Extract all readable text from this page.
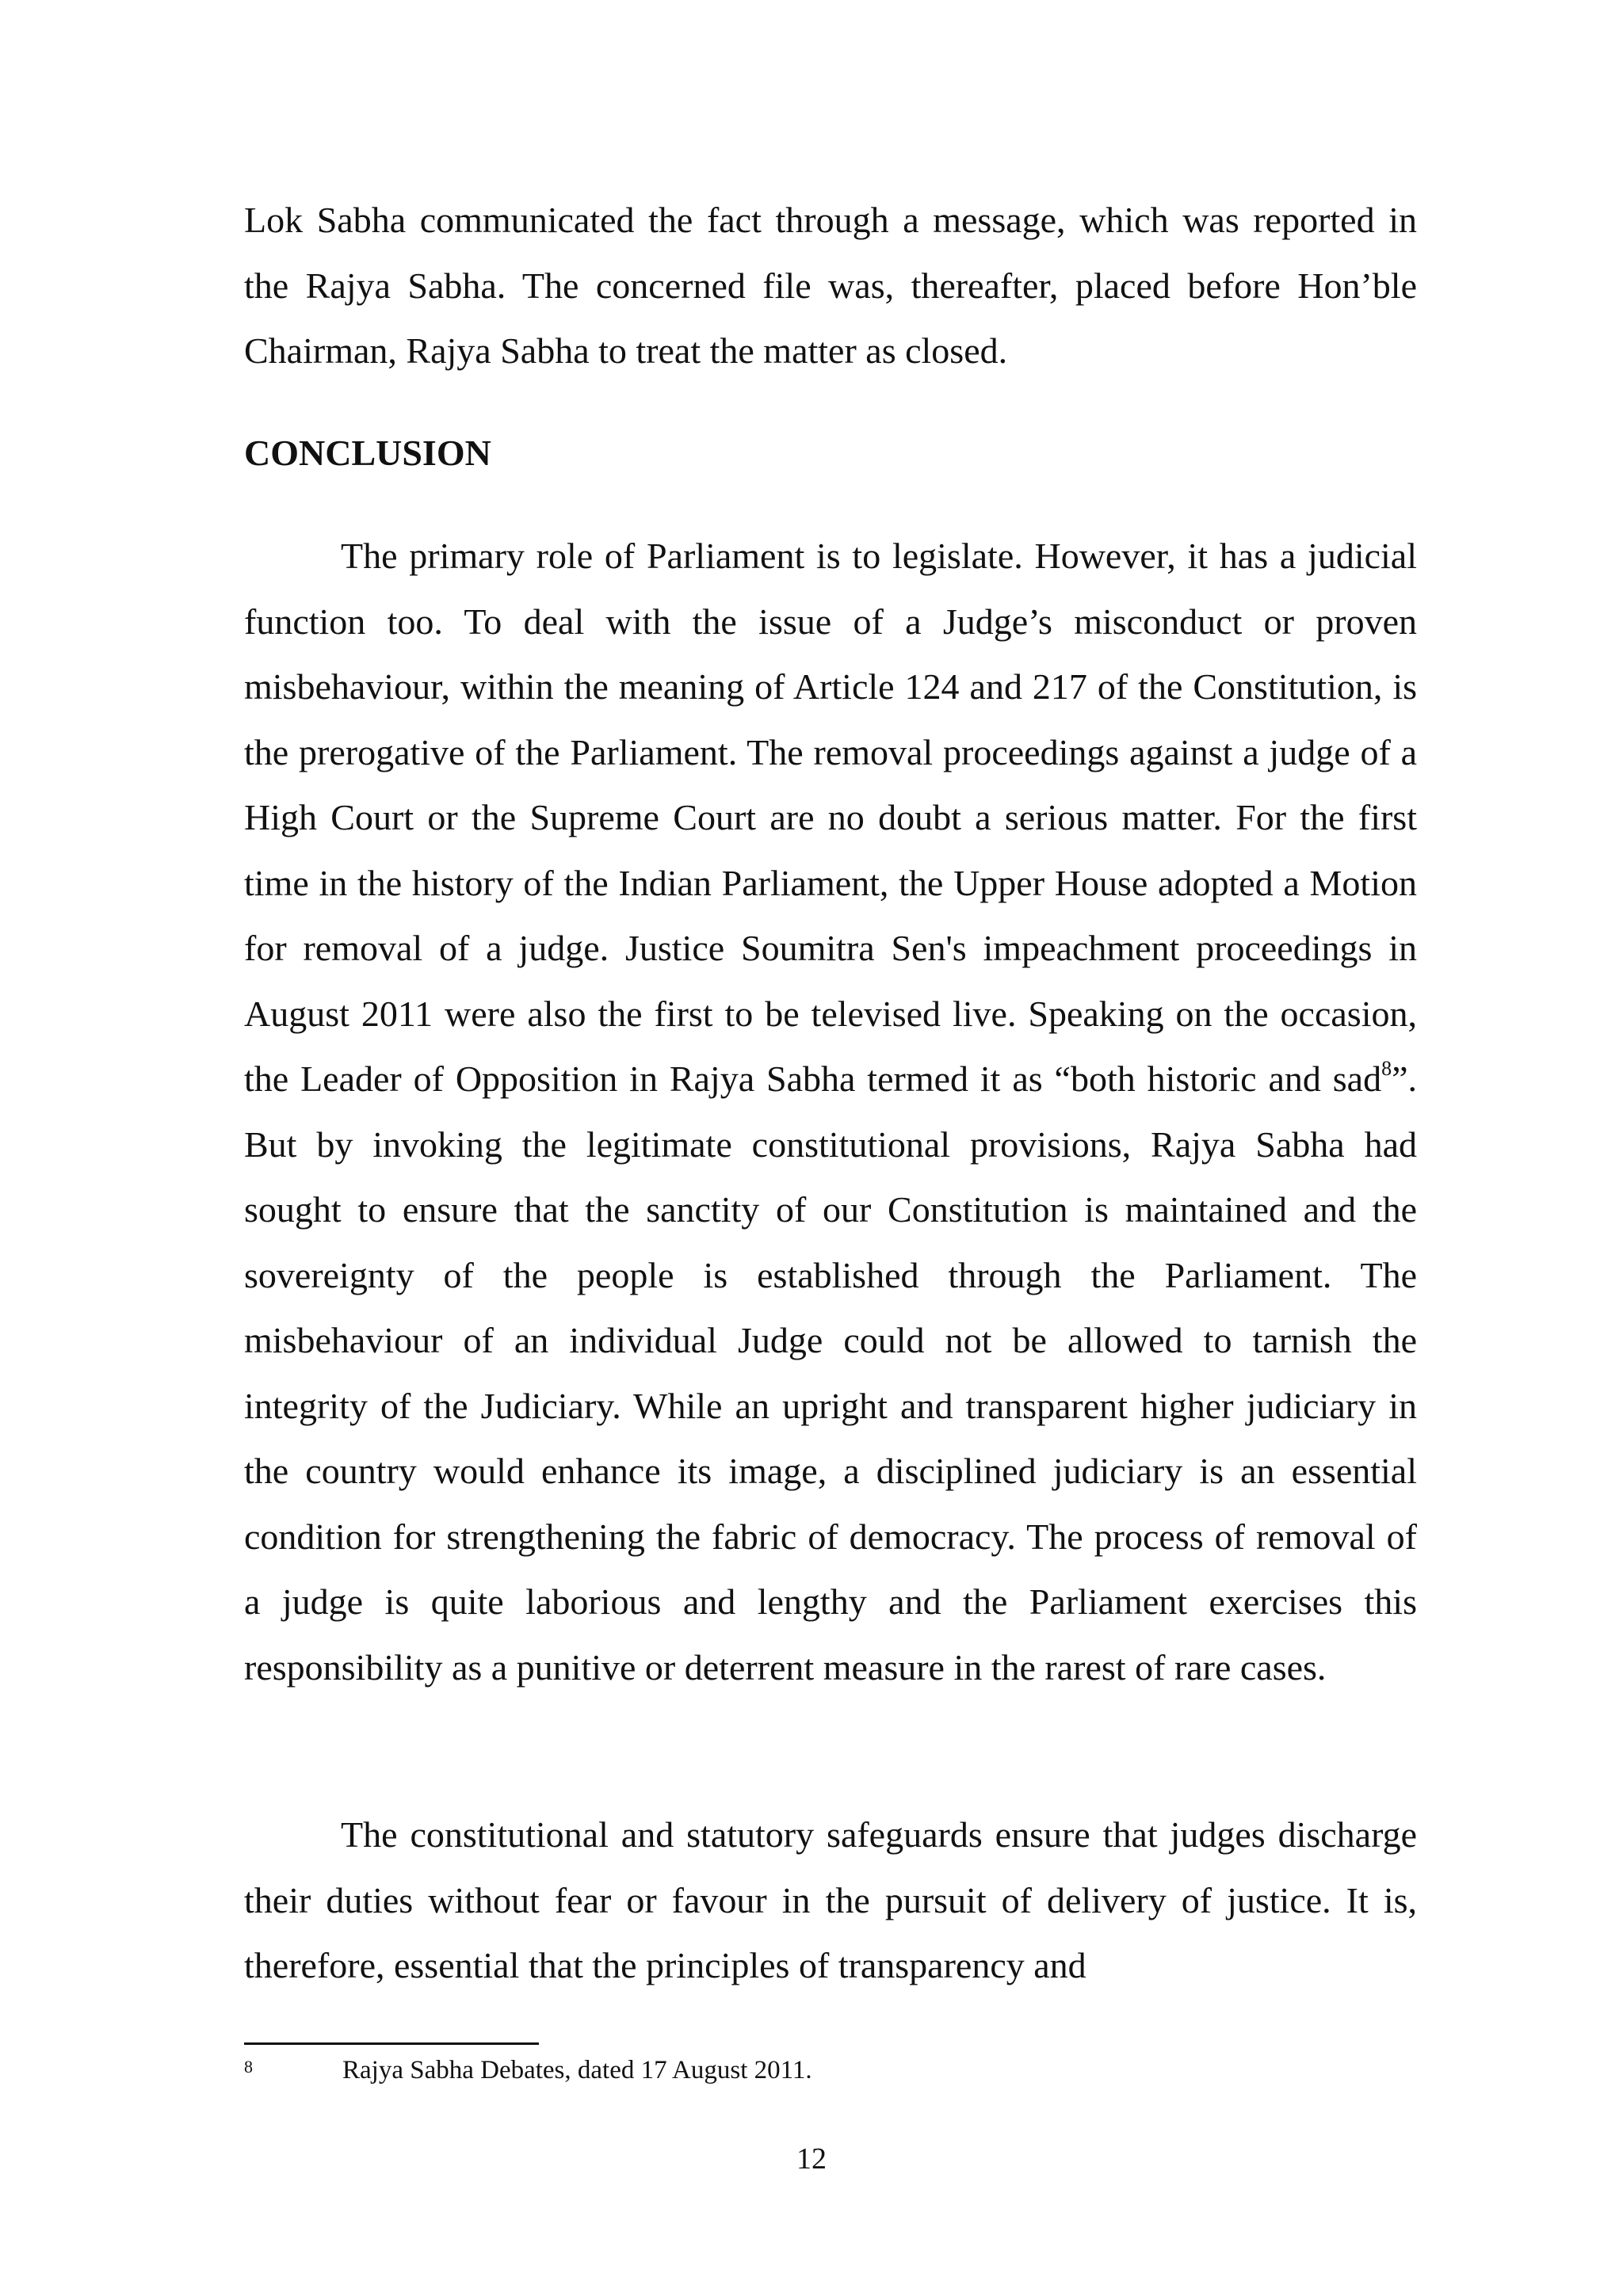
Lok Sabha communicated the fact through a message, which was reported in the Rajya Sabha. The concerned file was, thereafter, placed before Hon’ble Chairman, Rajya Sabha to treat the matter as closed.

CONCLUSION

The primary role of Parliament is to legislate. However, it has a judicial function too. To deal with the issue of a Judge’s misconduct or proven misbehaviour, within the meaning of Article 124 and 217 of the Constitution, is the prerogative of the Parliament. The removal proceedings against a judge of a High Court or the Supreme Court are no doubt a serious matter. For the first time in the history of the Indian Parliament, the Upper House adopted a Motion for removal of a judge. Justice Soumitra Sen's impeachment proceedings in August 2011 were also the first to be televised live. Speaking on the occasion, the Leader of Opposition in Rajya Sabha termed it as “both historic and sad$^8$”. But by invoking the legitimate constitutional provisions, Rajya Sabha had sought to ensure that the sanctity of our Constitution is maintained and the sovereignty of the people is established through the Parliament. The misbehaviour of an individual Judge could not be allowed to tarnish the integrity of the Judiciary. While an upright and transparent higher judiciary in the country would enhance its image, a disciplined judiciary is an essential condition for strengthening the fabric of democracy. The process of removal of a judge is quite laborious and lengthy and the Parliament exercises this responsibility as a punitive or deterrent measure in the rarest of rare cases.

The constitutional and statutory safeguards ensure that judges discharge their duties without fear or favour in the pursuit of delivery of justice. It is, therefore, essential that the principles of transparency and

8	Rajya Sabha Debates, dated 17 August 2011.

12
